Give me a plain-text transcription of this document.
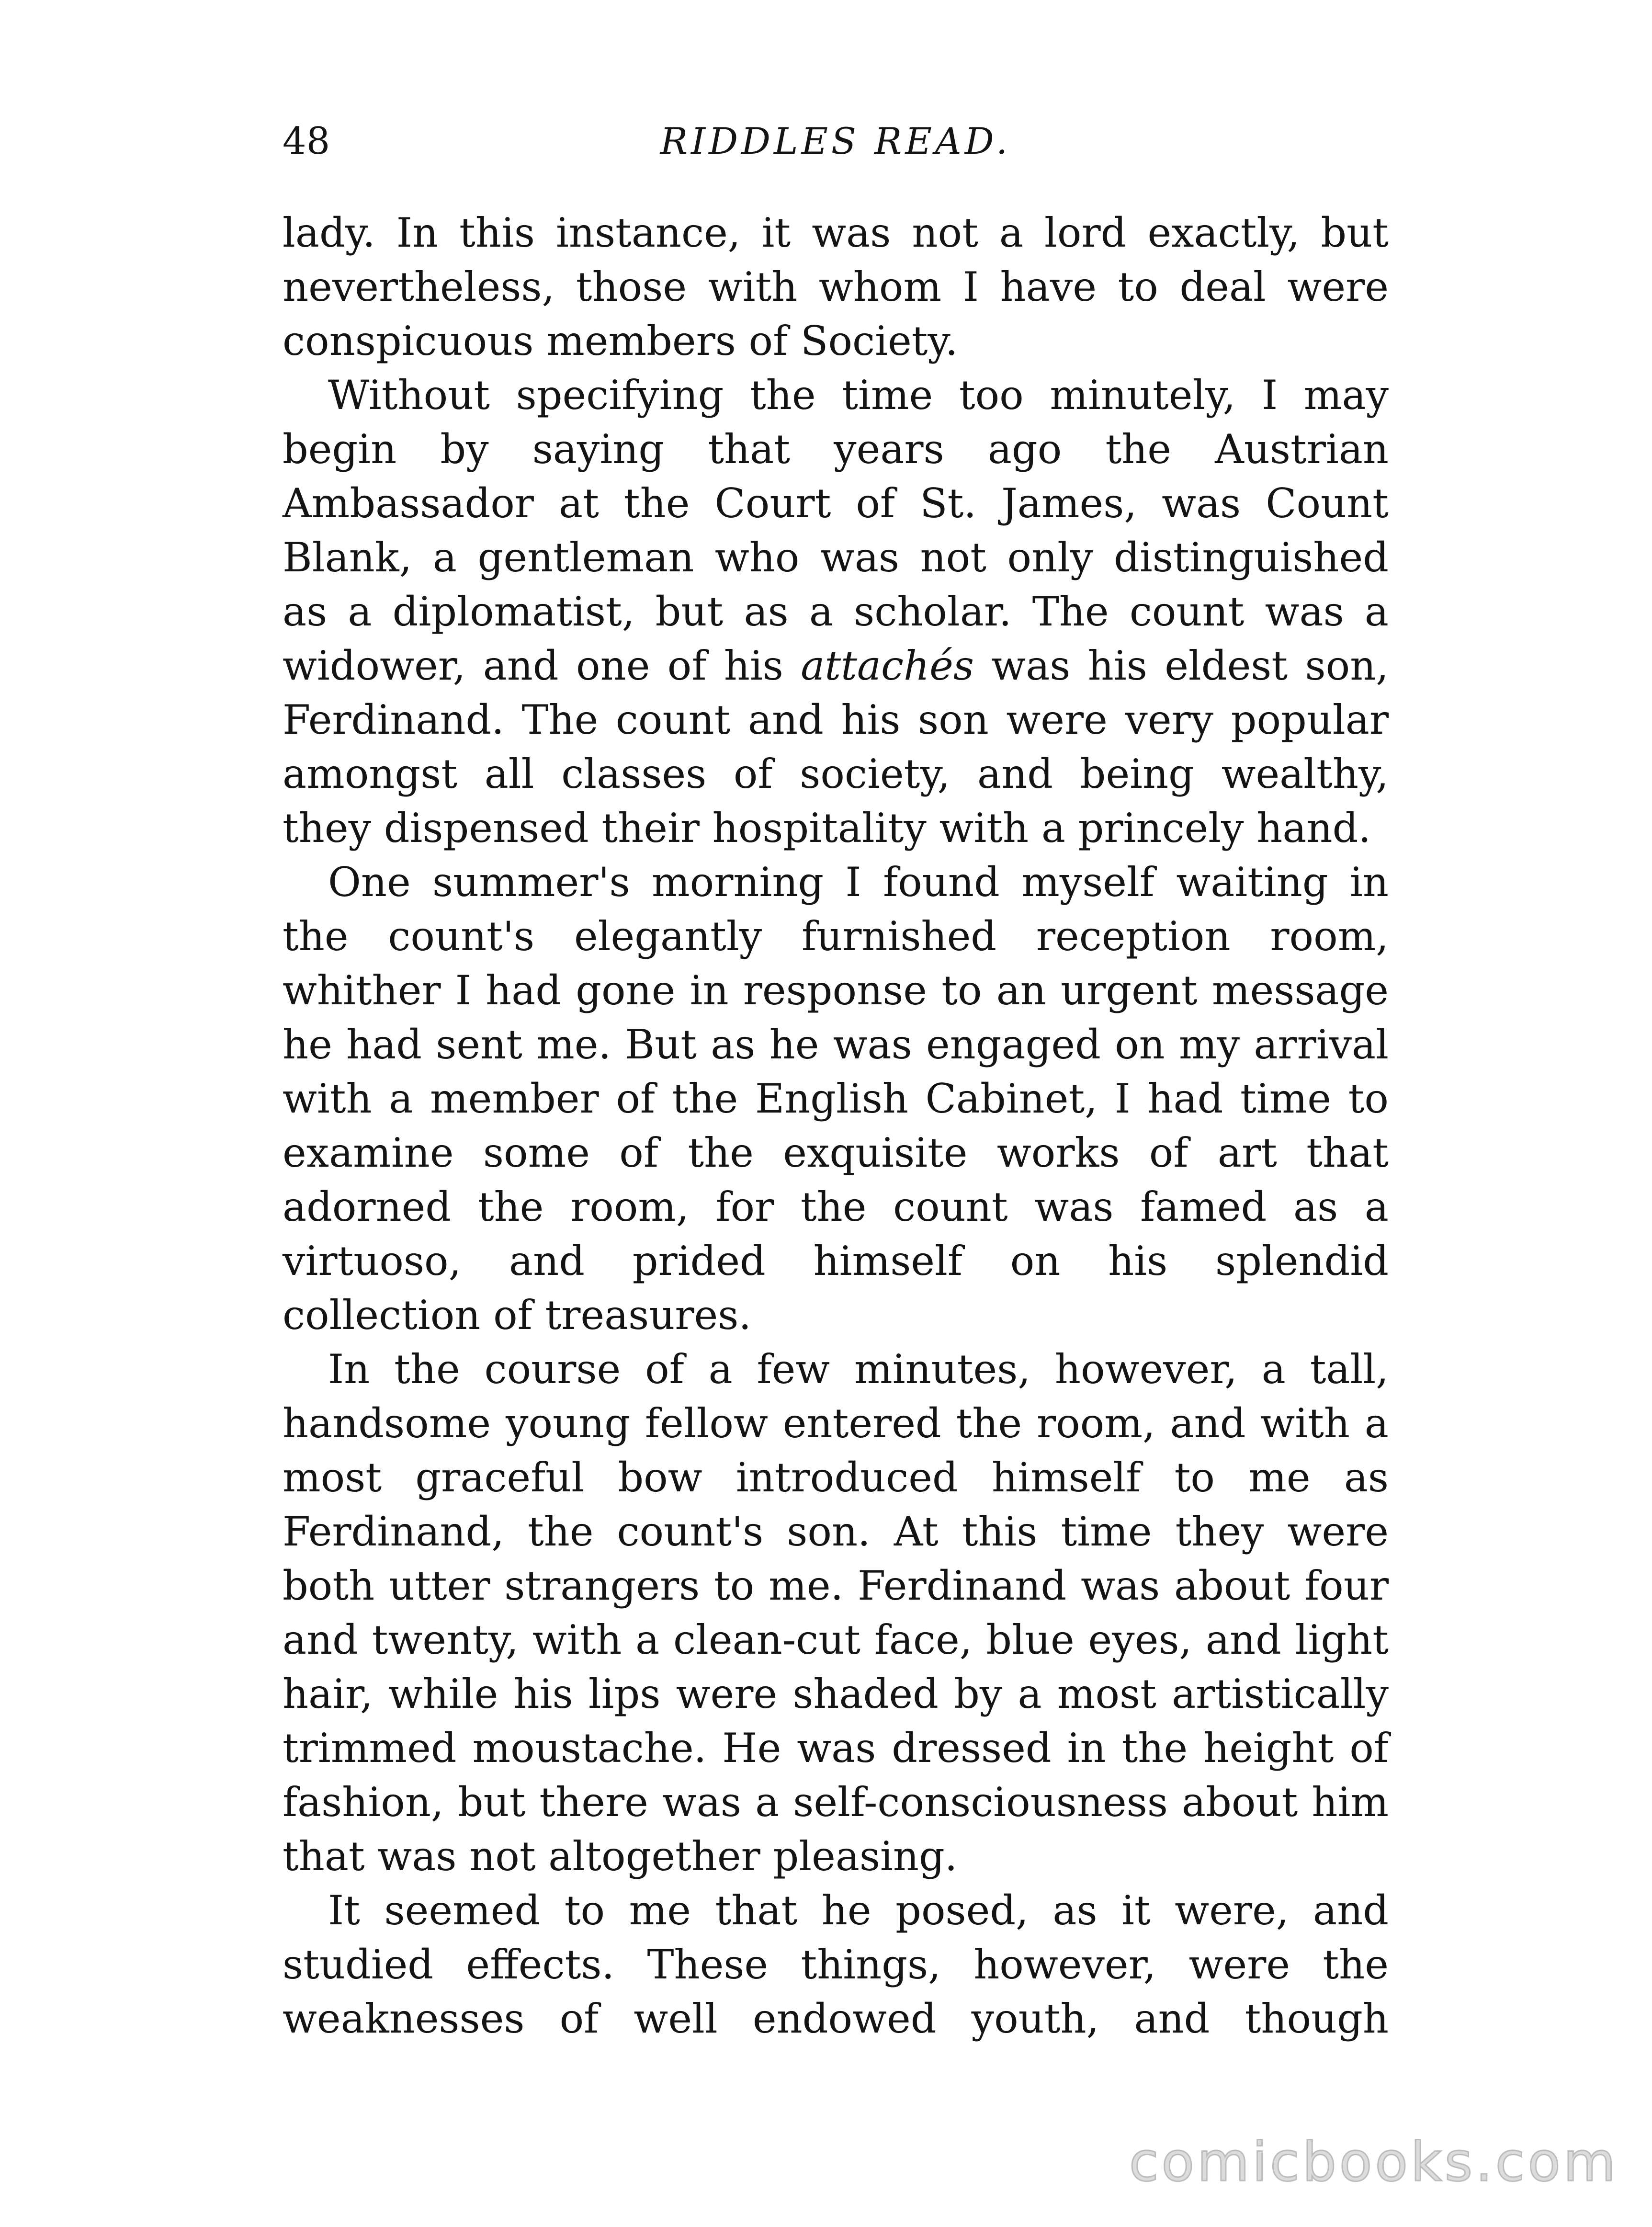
48	RIDDLES READ.

lady. In this instance, it was not a lord exactly, but nevertheless, those with whom I have to deal were conspicuous members of Society.

Without specifying the time too minutely, I may begin by saying that years ago the Austrian Ambassador at the Court of St. James, was Count Blank, a gentleman who was not only distinguished as a diplomatist, but as a scholar. The count was a widower, and one of his attachés was his eldest son, Ferdinand. The count and his son were very popular amongst all classes of society, and being wealthy, they dispensed their hospitality with a princely hand.

One summer's morning I found myself waiting in the count's elegantly furnished reception room, whither I had gone in response to an urgent message he had sent me. But as he was engaged on my arrival with a member of the English Cabinet, I had time to examine some of the exquisite works of art that adorned the room, for the count was famed as a virtuoso, and prided himself on his splendid collection of treasures.

In the course of a few minutes, however, a tall, handsome young fellow entered the room, and with a most graceful bow introduced himself to me as Ferdinand, the count's son. At this time they were both utter strangers to me. Ferdinand was about four and twenty, with a clean-cut face, blue eyes, and light hair, while his lips were shaded by a most artistically trimmed moustache. He was dressed in the height of fashion, but there was a self-consciousness about him that was not altogether pleasing.

It seemed to me that he posed, as it were, and studied effects. These things, however, were the weaknesses of well endowed youth, and though

comicbooks.com
